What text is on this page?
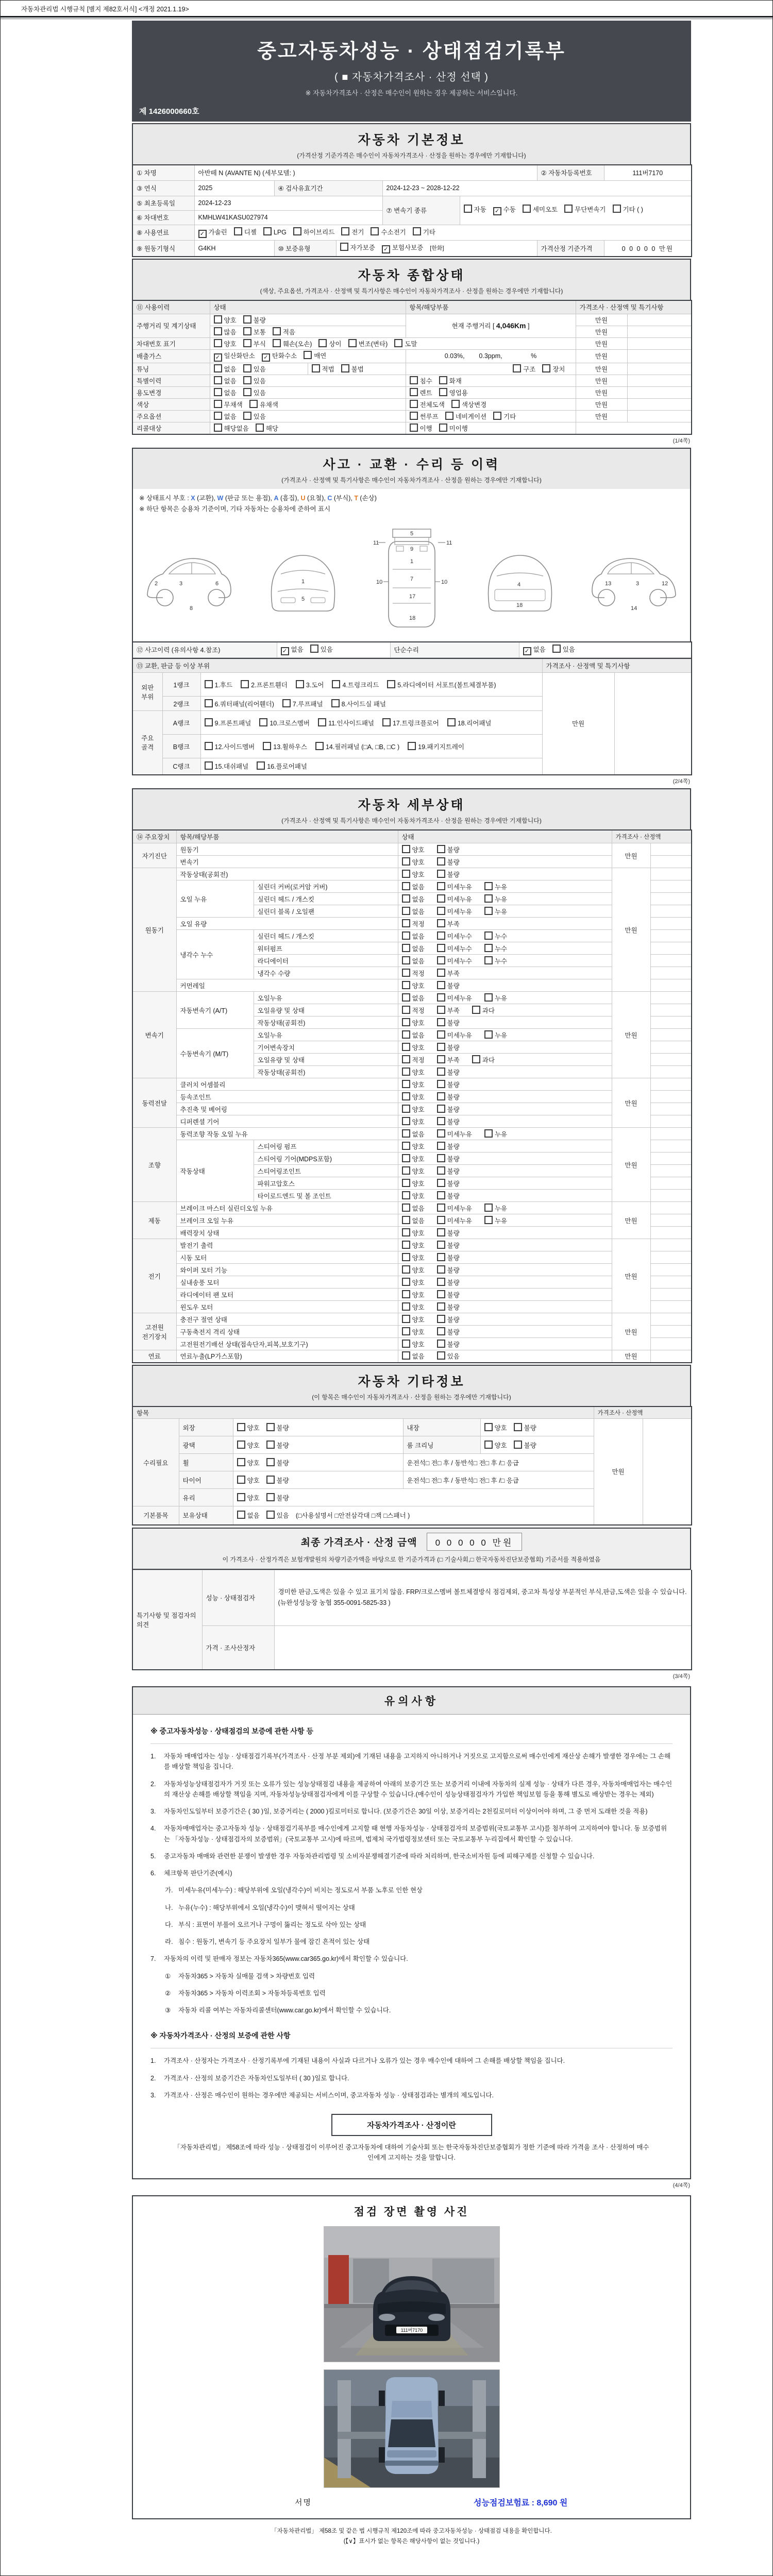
자동차관리법 시행규칙 [별지 제82호서식] <개정 2021.1.19>
중고자동차성능 · 상태점검기록부
( ■ 자동차가격조사 · 산정 선택 )
※ 자동차가격조사 · 산정은 매수인이 원하는 경우 제공하는 서비스입니다.
제 1426000660호
자동차 기본정보
(가격산정 기준가격은 매수인이 자동차가격조사 · 산정을 원하는 경우에만 기재합니다)
① 차명	아반떼 N (AVANTE N) (세부모델: )					② 자동차등록번호	111버7170
③ 연식	2025	④ 검사유효기간		2024-12-23 ~ 2028-12-22			
⑤ 최초등록일	2024-12-23			⑦ 변속기 종류	자동 ✓ 수동 세미오토 무단변속기 기타 ( )		
⑥ 차대번호	KMHLW41KASU027974						
⑧ 사용연료	✓ 가솔린 디젤 LPG 하이브리드 전기 수소전기 기타						
⑨ 원동기형식	G4KH	⑩ 보증유형	자가보증 ✓ 보험사보증 [한화]			가격산정 기준가격	0 0 0 0 0 만원
자동차 종합상태
(색상, 주요옵션, 가격조사 · 산정액 및 특기사항은 매수인이 자동차가격조사 · 산정을 원하는 경우에만 기재합니다)
⑪ 사용이력	상태		항목/해당부품	가격조사 · 산정액 및 특기사항	
주행거리 및 계기상태	양호 불량		현재 주행거리 [ 4,046Km ]	만원	
	많음 보통 적음			만원	
차대번호 표기	양호 부식 훼손(오손) 상이 변조(변타) 도말			만원	
배출가스	✓ 일산화탄소 ✓ 탄화수소 매연		0.03%,        0.3ppm,                %	만원	
튜닝	없음 있음	적법 불법	구조 장치	만원	
특별이력	없음 있음		침수 화재	만원	
용도변경	없음 있음		렌트 영업용	만원	
색상	무채색 유채색		전체도색 색상변경	만원	
주요옵션	없음 있음		썬루프 네비게이션 기타	만원	
리콜대상	해당없음 해당		이행 미이행		
(1/4쪽)
사고 · 교환 · 수리 등 이력
(가격조사 · 산정액 및 특기사항은 매수인이 자동차가격조사 · 산정을 원하는 경우에만 기재합니다)
※ 상태표시 부호 : X (교환), W (판금 또는 용접), A (흠집), U (요철), C (부식), T (손상)
※ 하단 항목은 승용차 기준이며, 기타 자동차는 승용차에 준하여 표시
3
2	6
8
1
5
11	11
5
9
1
7
17
18
10	10	4
18
3
13	12
14
⑫ 사고이력 (유의사항 4.참조)	✓ 없음	있음	단순수리	✓ 없음	있음
⑬ 교환, 판금 등 이상 부위			가격조사 · 산정액 및 특기사항	
외판 부위	1랭크	1.후드 2.프론트휀더 3.도어 4.트렁크리드 5.라디에이터 서포트(볼트체결부품)	만원	
	2랭크	6.쿼터패널(리어휀더) 7.루프패널 8.사이드실 패널		
주요 골격	A랭크	9.프론트패널 10.크로스멤버 11.인사이드패널 17.트렁크플로어 18.리어패널		
	B랭크	12.사이드멤버 13.휠하우스 14.필러패널 (□A, □B, □C ) 19.패키지트레이		
	C랭크	15.대쉬패널 16.플로어패널		
(2/4쪽)
자동차 세부상태
(가격조사 · 산정액 및 특기사항은 매수인이 자동차가격조사 · 산정을 원하는 경우에만 기재합니다)
⑭ 주요장치	항목/해당부품		상태	가격조사 · 산정액	
자기진단	원동기		양호 불량	만원	
	변속기		양호 불량		
원동기	작동상태(공회전)		양호 불량	만원	
	오일 누유	실린더 커버(로커암 커버)	없음 미세누유 누유		
		실린더 헤드 / 개스킷	없음 미세누유 누유		
		실린더 블록 / 오일팬	없음 미세누유 누유		
	오일 유량		적정 부족		
	냉각수 누수	실린더 헤드 / 개스킷	없음 미세누수 누수		
		워터펌프	없음 미세누수 누수		
		라디에이터	없음 미세누수 누수		
		냉각수 수량	적정 부족		
	커먼레일		양호 불량		
변속기	자동변속기 (A/T)	오일누유	없음 미세누유 누유	만원	
		오일유량 및 상태	적정 부족 과다		
		작동상태(공회전)	양호 불량		
	수동변속기 (M/T)	오일누유	없음 미세누유 누유		
		기어변속장치	양호 불량		
		오일유량 및 상태	적정 부족 과다		
		작동상태(공회전)	양호 불량		
동력전달	클러치 어셈블리		양호 불량	만원	
	등속조인트		양호 불량		
	추진축 및 베어링		양호 불량		
	디퍼렌셜 기어		양호 불량		
조향	동력조향 작동 오일 누유		없음 미세누유 누유	만원	
	작동상태	스티어링 펌프	양호 불량		
		스티어링 기어(MDPS포함)	양호 불량		
		스티어링조인트	양호 불량		
		파워고압호스	양호 불량		
		타이로드엔드 및 볼 조인트	양호 불량		
제동	브레이크 마스터 실린더오일 누유		없음 미세누유 누유	만원	
	브레이크 오일 누유		없음 미세누유 누유		
	배력장치 상태		양호 불량		
전기	발전기 출력		양호 불량	만원	
	시동 모터		양호 불량		
	와이퍼 모터 기능		양호 불량		
	실내송풍 모터		양호 불량		
	라디에이터 팬 모터		양호 불량		
	윈도우 모터		양호 불량		
고전원 전기장치	충전구 절연 상태		양호 불량	만원	
	구동축전지 격리 상태		양호 불량		
	고전원전기배선 상태(접속단자,피복,보호기구)		양호 불량		
연료	연료누출(LP가스포함)		없음 있음	만원	
자동차 기타정보
(이 항목은 매수인이 자동차가격조사 · 산정을 원하는 경우에만 기재합니다)
항목					가격조사 · 산정액	
수리필요	외장	양호 불량	내장	양호 불량	만원	
	광택	양호 불량	룸 크리닝	양호 불량		
	휠	양호 불량	운전석□ 전□ 후 / 동반석□ 전□ 후 /□ 응급			
	타이어	양호 불량	운전석□ 전□ 후 / 동반석□ 전□ 후 /□ 응급			
	유리	양호 불량				
기본품목	보유상태	없음 있음 (□사용설명서 □안전삼각대 □잭 □스패너 )				
최종 가격조사 · 산정 금액	0 0 0 0 0 만원
이 가격조사 · 산정가격은 보험개발원의 차량기준가액을 바탕으로 한 기준가격과 (□ 기술사회,□ 한국자동차진단보증협회) 기준서를 적용하였음
특기사항 및 점검자의 의견	성능 · 상태점검자	경미한 판금,도색은 있을 수 있고 표기치 않음. FRP/크로스멤버 볼트체결방식 점검제외, 중고차 특성상 부분적인 부식,판금,도색은 있을 수 있습니다. (뉴완성성능장 농협 355-0091-5825-33 )
	가격 · 조사산정자	
(3/4쪽)
유의사항
※ 중고자동차성능 · 상태점검의 보증에 관한 사항 등
1.	자동차 매매업자는 성능 · 상태점검기록부(가격조사 · 산정 부분 제외)에 기재된 내용을 고지하지 아니하거나 거짓으로 고지함으로써 매수인에게 재산상 손해가 발생한 경우에는 그 손해를 배상할 책임을 집니다.
2.	자동차성능상태점검자가 거짓 또는 오류가 있는 성능상태점검 내용을 제공하여 아래의 보증기간 또는 보증거리 이내에 자동차의 실제 성능 · 상태가 다른 경우, 자동차매매업자는 매수인의 재산상 손해를 배상할 책임을 지며, 자동차성능상태점검자에게 이를 구상할 수 있습니다.(매수인이 성능상태점검자가 가입한 책임보험 등을 통해 별도로 배상받는 경우는 제외)
3.	자동차인도일부터 보증기간은 ( 30 )일, 보증거리는 ( 2000 )킬로미터로 합니다. (보증기간은 30일 이상, 보증거리는 2천킬로미터 이상이어야 하며, 그 중 먼저 도래한 것을 적용)
4.	자동차매매업자는 중고자동차 성능 · 상태점검기록부를 매수인에게 고지할 때 현행 자동차성능 · 상태점검자의 보증범위(국토교통부 고시)를 첨부하여 고지하여야 합니다. 동 보증범위는 「자동차성능 · 상태점검자의 보증범위」(국토교통부 고시)에 따르며, 법제처 국가법령정보센터 또는 국토교통부 누리집에서 확인할 수 있습니다.
5.	중고자동차 매매와 관련한 분쟁이 발생한 경우 자동차관리법령 및 소비자분쟁해결기준에 따라 처리하며, 한국소비자원 등에 피해구제를 신청할 수 있습니다.
6.	체크항목 판단기준(예시)
가. 미세누유(미세누수) : 해당부위에 오일(냉각수)이 비치는 정도로서 부품 노후로 인한 현상
나. 누유(누수) : 해당부위에서 오일(냉각수)이 맺혀서 떨어지는 상태
다. 부식 : 표면이 부풀어 오르거나 구멍이 뚫리는 정도로 삭아 있는 상태
라. 침수 : 원동기, 변속기 등 주요장치 일부가 물에 잠긴 흔적이 있는 상태
7.	자동차의 이력 및 판매자 정보는 자동차365(www.car365.go.kr)에서 확인할 수 있습니다.
①	자동차365 > 자동차 실매물 검색 > 차량번호 입력
②	자동차365 > 자동차 이력조회 > 자동차등록번호 입력
③	자동차 리콜 여부는 자동차리콜센터(www.car.go.kr)에서 확인할 수 있습니다.
※ 자동차가격조사 · 산정의 보증에 관한 사항
1.	가격조사 · 산정자는 가격조사 · 산정기록부에 기재된 내용이 사실과 다르거나 오류가 있는 경우 매수인에 대하여 그 손해를 배상할 책임을 집니다.
2.	가격조사 · 산정의 보증기간은 자동차인도일부터 ( 30 )일로 합니다.
3.	가격조사 · 산정은 매수인이 원하는 경우에만 제공되는 서비스이며, 중고자동차 성능 · 상태점검과는 별개의 제도입니다.
자동차가격조사 · 산정이란
「자동차관리법」 제58조에 따라 성능 · 상태점검이 이루어진 중고자동차에 대하여 기술사회 또는 한국자동차진단보증협회가 정한 기준에 따라 가격을 조사 · 산정하여 매수인에게 고지하는 것을 말합니다.
(4/4쪽)
점검 장면 촬영 사진
111버7170
서명	성능점검보험료 : 8,690 원
「자동차관리법」 제58조 및 같은 법 시행규칙 제120조에 따라 중고자동차성능 · 상태점검 내용을 확인합니다.
(【∨】표시가 없는 항목은 해당사항이 없는 것입니다.)
